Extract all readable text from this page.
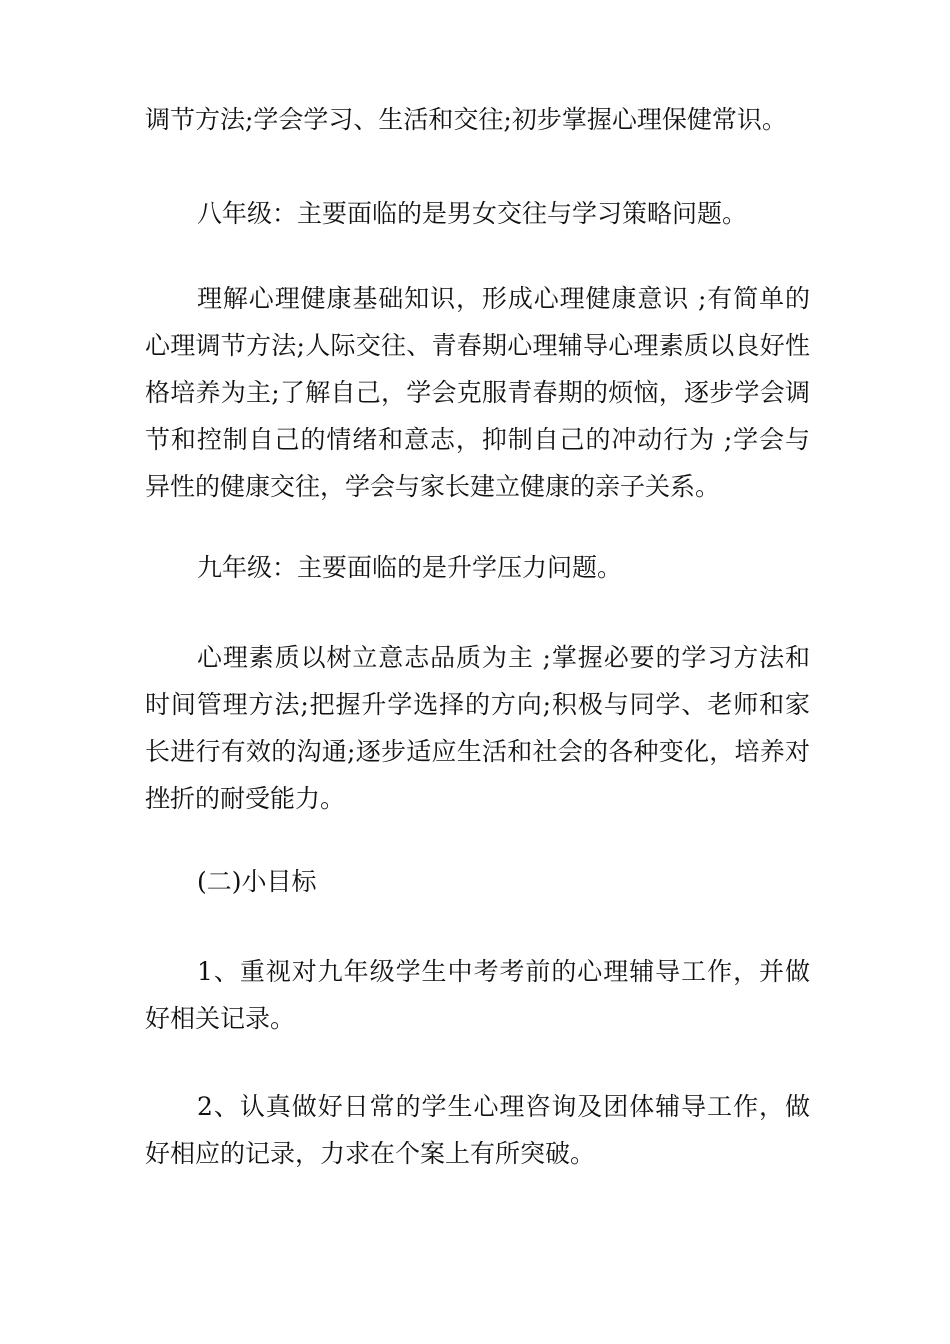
调节方法;学会学习、生活和交往;初步掌握心理保健常识。

八年级：主要面临的是男女交往与学习策略问题。

理解心理健康基础知识，形成心理健康意识 ;有简单的心理调节方法;人际交往、青春期心理辅导心理素质以良好性格培养为主;了解自己，学会克服青春期的烦恼，逐步学会调节和控制自己的情绪和意志，抑制自己的冲动行为 ;学会与异性的健康交往，学会与家长建立健康的亲子关系。

九年级：主要面临的是升学压力问题。

心理素质以树立意志品质为主 ;掌握必要的学习方法和时间管理方法;把握升学选择的方向;积极与同学、老师和家长进行有效的沟通;逐步适应生活和社会的各种变化，培养对挫折的耐受能力。

(二)小目标

1、重视对九年级学生中考考前的心理辅导工作，并做好相关记录。

2、认真做好日常的学生心理咨询及团体辅导工作，做好相应的记录，力求在个案上有所突破。
